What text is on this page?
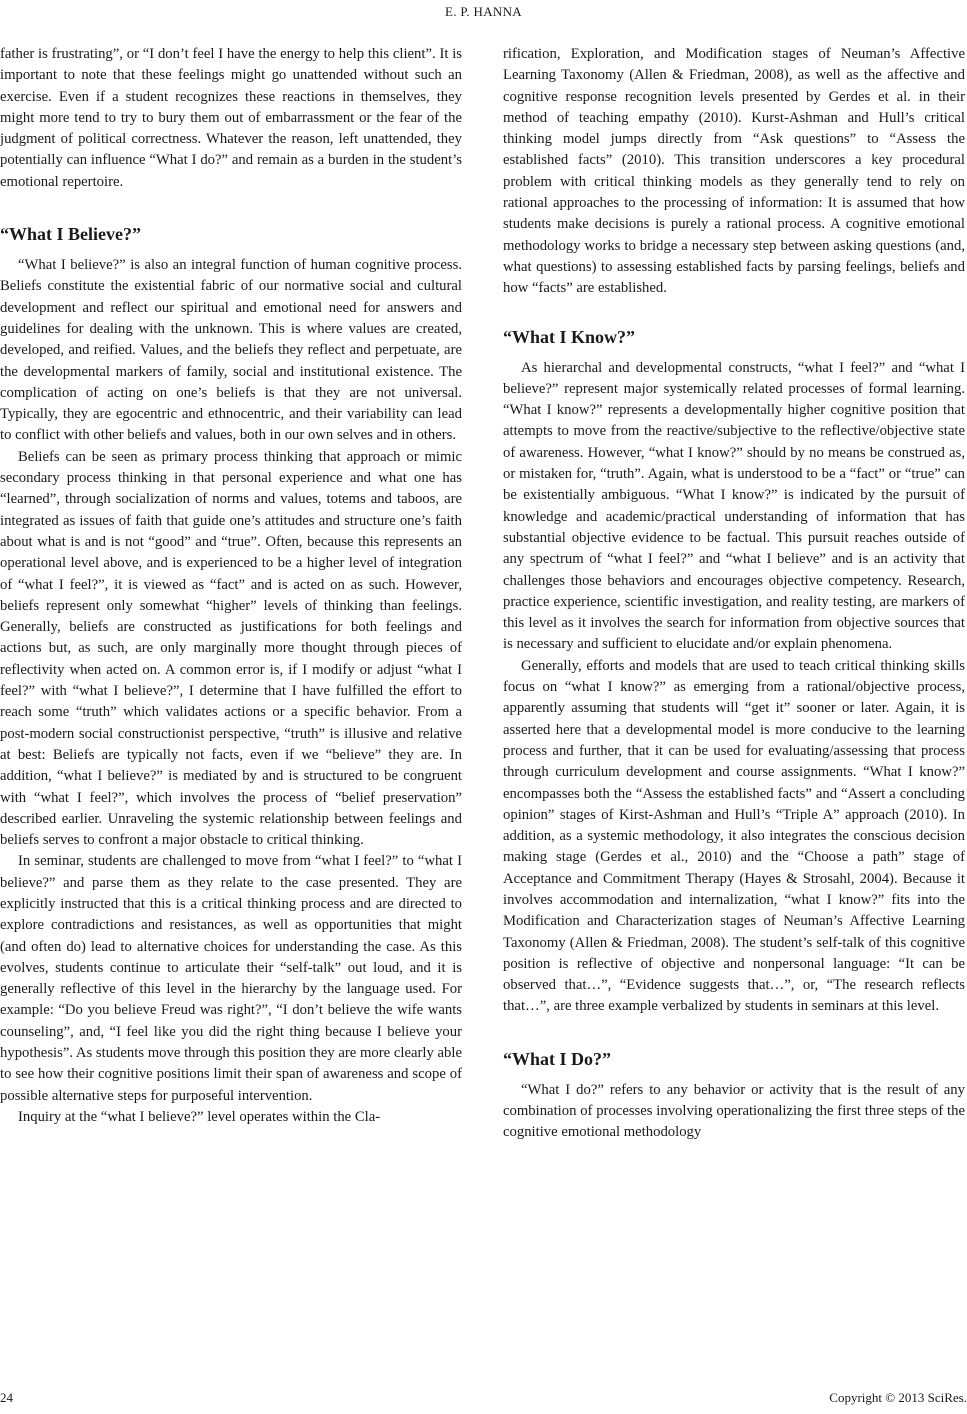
E. P. HANNA

father is frustrating”, or “I don’t feel I have the energy to help this client”. It is important to note that these feelings might go unattended without such an exercise. Even if a student recognizes these reactions in themselves, they might more tend to try to bury them out of embarrassment or the fear of the judgment of political correctness. Whatever the reason, left unattended, they potentially can influence “What I do?” and remain as a burden in the student’s emotional repertoire.

“What I Believe?”

“What I believe?” is also an integral function of human cognitive process. Beliefs constitute the existential fabric of our normative social and cultural development and reflect our spiritual and emotional need for answers and guidelines for dealing with the unknown. This is where values are created, developed, and reified. Values, and the beliefs they reflect and perpetuate, are the developmental markers of family, social and institutional existence. The complication of acting on one’s beliefs is that they are not universal. Typically, they are egocentric and ethnocentric, and their variability can lead to conflict with other beliefs and values, both in our own selves and in others.

Beliefs can be seen as primary process thinking that approach or mimic secondary process thinking in that personal experience and what one has “learned”, through socialization of norms and values, totems and taboos, are integrated as issues of faith that guide one’s attitudes and structure one’s faith about what is and is not “good” and “true”. Often, because this represents an operational level above, and is experienced to be a higher level of integration of “what I feel?”, it is viewed as “fact” and is acted on as such. However, beliefs represent only somewhat “higher” levels of thinking than feelings. Generally, beliefs are constructed as justifications for both feelings and actions but, as such, are only marginally more thought through pieces of reflectivity when acted on. A common error is, if I modify or adjust “what I feel?” with “what I believe?”, I determine that I have fulfilled the effort to reach some “truth” which validates actions or a specific behavior. From a post-modern social constructionist perspective, “truth” is illusive and relative at best: Beliefs are typically not facts, even if we “believe” they are. In addition, “what I believe?” is mediated by and is structured to be congruent with “what I feel?”, which involves the process of “belief preservation” described earlier. Unraveling the systemic relationship between feelings and beliefs serves to confront a major obstacle to critical thinking.

In seminar, students are challenged to move from “what I feel?” to “what I believe?” and parse them as they relate to the case presented. They are explicitly instructed that this is a critical thinking process and are directed to explore contradictions and resistances, as well as opportunities that might (and often do) lead to alternative choices for understanding the case. As this evolves, students continue to articulate their “self-talk” out loud, and it is generally reflective of this level in the hierarchy by the language used. For example: “Do you believe Freud was right?”, “I don’t believe the wife wants counseling”, and, “I feel like you did the right thing because I believe your hypothesis”. As students move through this position they are more clearly able to see how their cognitive positions limit their span of awareness and scope of possible alternative steps for purposeful intervention.

Inquiry at the “what I believe?” level operates within the Cla-

rification, Exploration, and Modification stages of Neuman’s Affective Learning Taxonomy (Allen & Friedman, 2008), as well as the affective and cognitive response recognition levels presented by Gerdes et al. in their method of teaching empathy (2010). Kurst-Ashman and Hull’s critical thinking model jumps directly from “Ask questions” to “Assess the established facts” (2010). This transition underscores a key procedural problem with critical thinking models as they generally tend to rely on rational approaches to the processing of information: It is assumed that how students make decisions is purely a rational process. A cognitive emotional methodology works to bridge a necessary step between asking questions (and, what questions) to assessing established facts by parsing feelings, beliefs and how “facts” are established.

“What I Know?”

As hierarchal and developmental constructs, “what I feel?” and “what I believe?” represent major systemically related processes of formal learning. “What I know?” represents a developmentally higher cognitive position that attempts to move from the reactive/subjective to the reflective/objective state of awareness. However, “what I know?” should by no means be construed as, or mistaken for, “truth”. Again, what is understood to be a “fact” or “true” can be existentially ambiguous. “What I know?” is indicated by the pursuit of knowledge and academic/practical understanding of information that has substantial objective evidence to be factual. This pursuit reaches outside of any spectrum of “what I feel?” and “what I believe” and is an activity that challenges those behaviors and encourages objective competency. Research, practice experience, scientific investigation, and reality testing, are markers of this level as it involves the search for information from objective sources that is necessary and sufficient to elucidate and/or explain phenomena.

Generally, efforts and models that are used to teach critical thinking skills focus on “what I know?” as emerging from a rational/objective process, apparently assuming that students will “get it” sooner or later. Again, it is asserted here that a developmental model is more conducive to the learning process and further, that it can be used for evaluating/assessing that process through curriculum development and course assignments. “What I know?” encompasses both the “Assess the established facts” and “Assert a concluding opinion” stages of Kirst-Ashman and Hull’s “Triple A” approach (2010). In addition, as a systemic methodology, it also integrates the conscious decision making stage (Gerdes et al., 2010) and the “Choose a path” stage of Acceptance and Commitment Therapy (Hayes & Strosahl, 2004). Because it involves accommodation and internalization, “what I know?” fits into the Modification and Characterization stages of Neuman’s Affective Learning Taxonomy (Allen & Friedman, 2008). The student’s self-talk of this cognitive position is reflective of objective and nonpersonal language: “It can be observed that…”, “Evidence suggests that…”, or, “The research reflects that…”, are three example verbalized by students in seminars at this level.

“What I Do?”

“What I do?” refers to any behavior or activity that is the result of any combination of processes involving operationalizing the first three steps of the cognitive emotional methodology

24	Copyright © 2013 SciRes.
